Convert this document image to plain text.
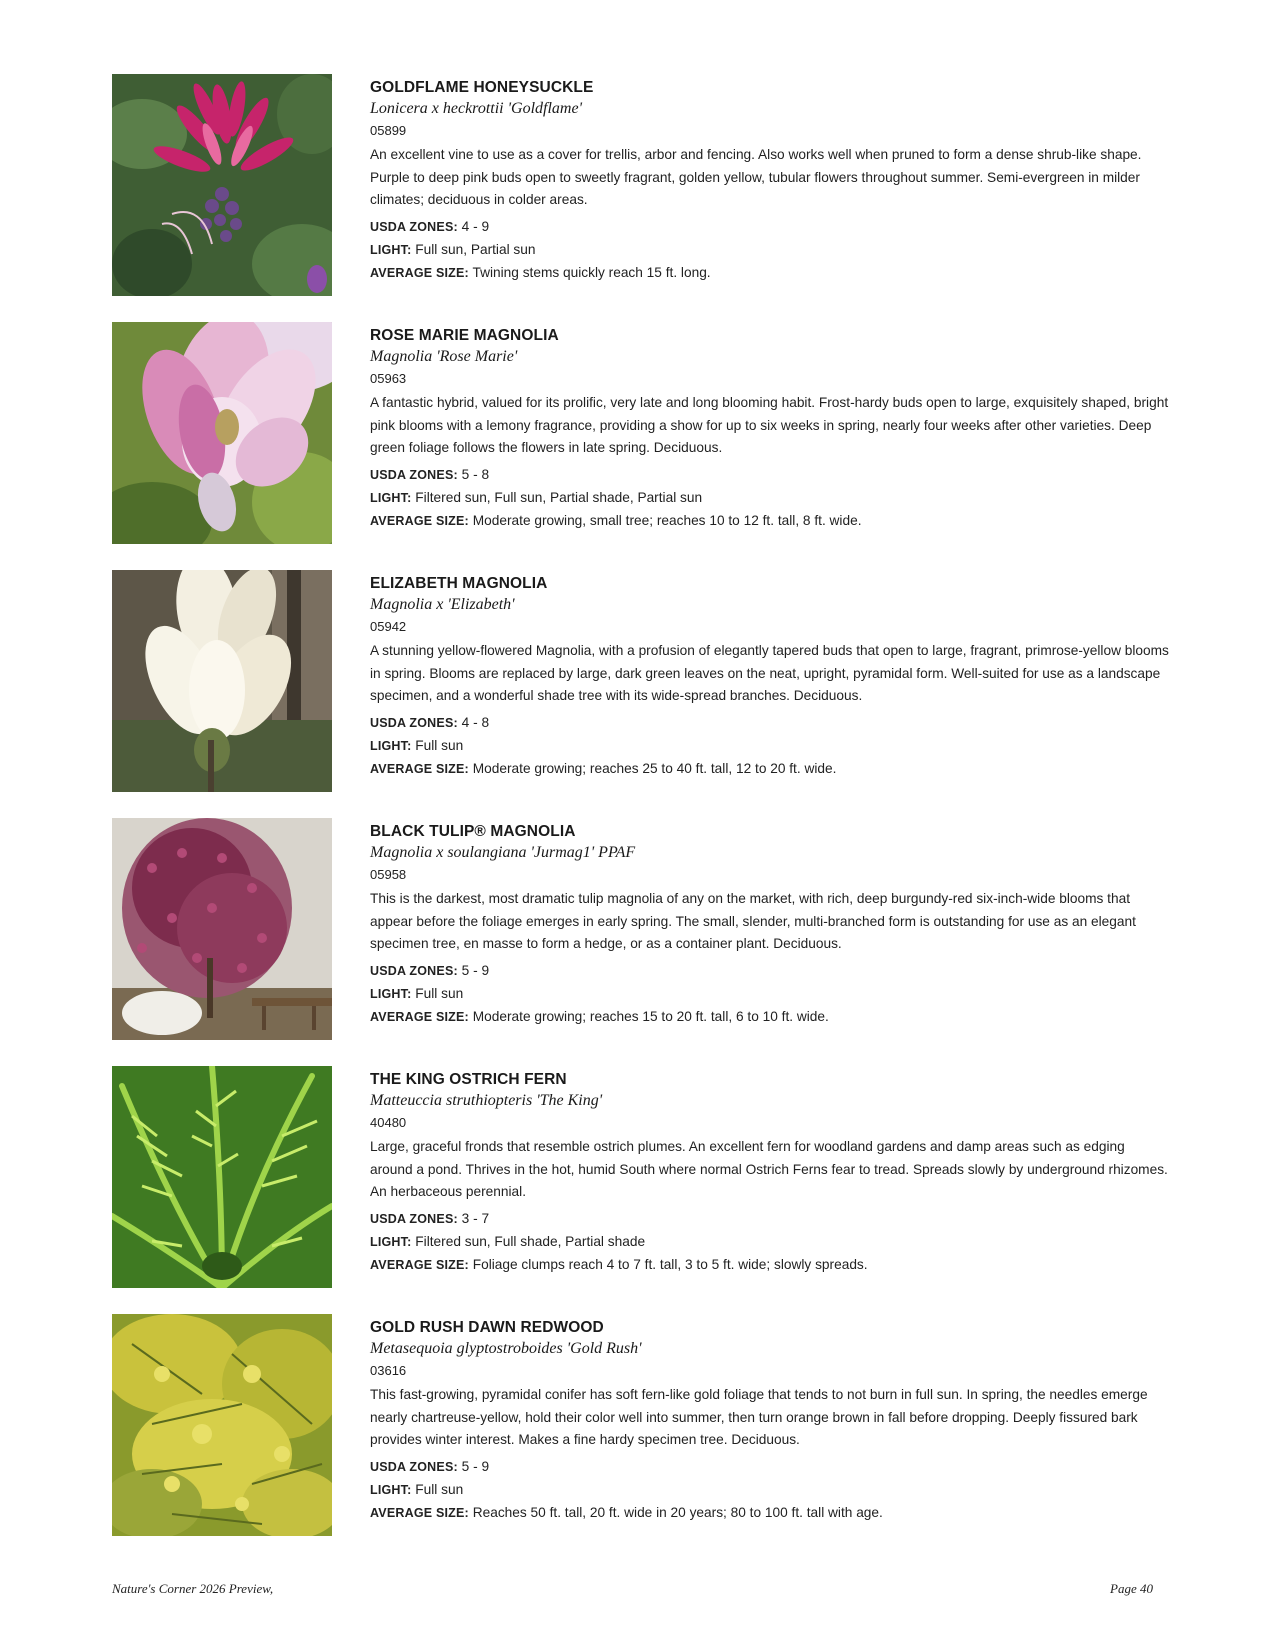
GOLDFLAME HONEYSUCKLE

Lonicera x heckrottii 'Goldflame'

05899

An excellent vine to use as a cover for trellis, arbor and fencing. Also works well when pruned to form a dense shrub-like shape. Purple to deep pink buds open to sweetly fragrant, golden yellow, tubular flowers throughout summer. Semi-evergreen in milder climates; deciduous in colder areas.

USDA ZONES: 4 - 9

LIGHT: Full sun, Partial sun

AVERAGE SIZE: Twining stems quickly reach 15 ft. long.

ROSE MARIE MAGNOLIA

Magnolia 'Rose Marie'

05963

A fantastic hybrid, valued for its prolific, very late and long blooming habit. Frost-hardy buds open to large, exquisitely shaped, bright pink blooms with a lemony fragrance, providing a show for up to six weeks in spring, nearly four weeks after other varieties. Deep green foliage follows the flowers in late spring. Deciduous.

USDA ZONES: 5 - 8

LIGHT: Filtered sun, Full sun, Partial shade, Partial sun

AVERAGE SIZE: Moderate growing, small tree; reaches 10 to 12 ft. tall, 8 ft. wide.

ELIZABETH MAGNOLIA

Magnolia x 'Elizabeth'

05942

A stunning yellow-flowered Magnolia, with a profusion of elegantly tapered buds that open to large, fragrant, primrose-yellow blooms in spring. Blooms are replaced by large, dark green leaves on the neat, upright, pyramidal form. Well-suited for use as a landscape specimen, and a wonderful shade tree with its wide-spread branches. Deciduous.

USDA ZONES: 4 - 8

LIGHT: Full sun

AVERAGE SIZE: Moderate growing; reaches 25 to 40 ft. tall, 12 to 20 ft. wide.

BLACK TULIP® MAGNOLIA

Magnolia x soulangiana 'Jurmag1' PPAF

05958

This is the darkest, most dramatic tulip magnolia of any on the market, with rich, deep burgundy-red six-inch-wide blooms that appear before the foliage emerges in early spring. The small, slender, multi-branched form is outstanding for use as an elegant specimen tree, en masse to form a hedge, or as a container plant. Deciduous.

USDA ZONES: 5 - 9

LIGHT: Full sun

AVERAGE SIZE: Moderate growing; reaches 15 to 20 ft. tall, 6 to 10 ft. wide.

THE KING OSTRICH FERN

Matteuccia struthiopteris 'The King'

40480

Large, graceful fronds that resemble ostrich plumes. An excellent fern for woodland gardens and damp areas such as edging around a pond. Thrives in the hot, humid South where normal Ostrich Ferns fear to tread. Spreads slowly by underground rhizomes. An herbaceous perennial.

USDA ZONES: 3 - 7

LIGHT: Filtered sun, Full shade, Partial shade

AVERAGE SIZE: Foliage clumps reach 4 to 7 ft. tall, 3 to 5 ft. wide; slowly spreads.

GOLD RUSH DAWN REDWOOD

Metasequoia glyptostroboides 'Gold Rush'

03616

This fast-growing, pyramidal conifer has soft fern-like gold foliage that tends to not burn in full sun. In spring, the needles emerge nearly chartreuse-yellow, hold their color well into summer, then turn orange brown in fall before dropping. Deeply fissured bark provides winter interest. Makes a fine hardy specimen tree. Deciduous.

USDA ZONES: 5 - 9

LIGHT: Full sun

AVERAGE SIZE: Reaches 50 ft. tall, 20 ft. wide in 20 years; 80 to 100 ft. tall with age.

Nature's Corner 2026 Preview,	Page 40
